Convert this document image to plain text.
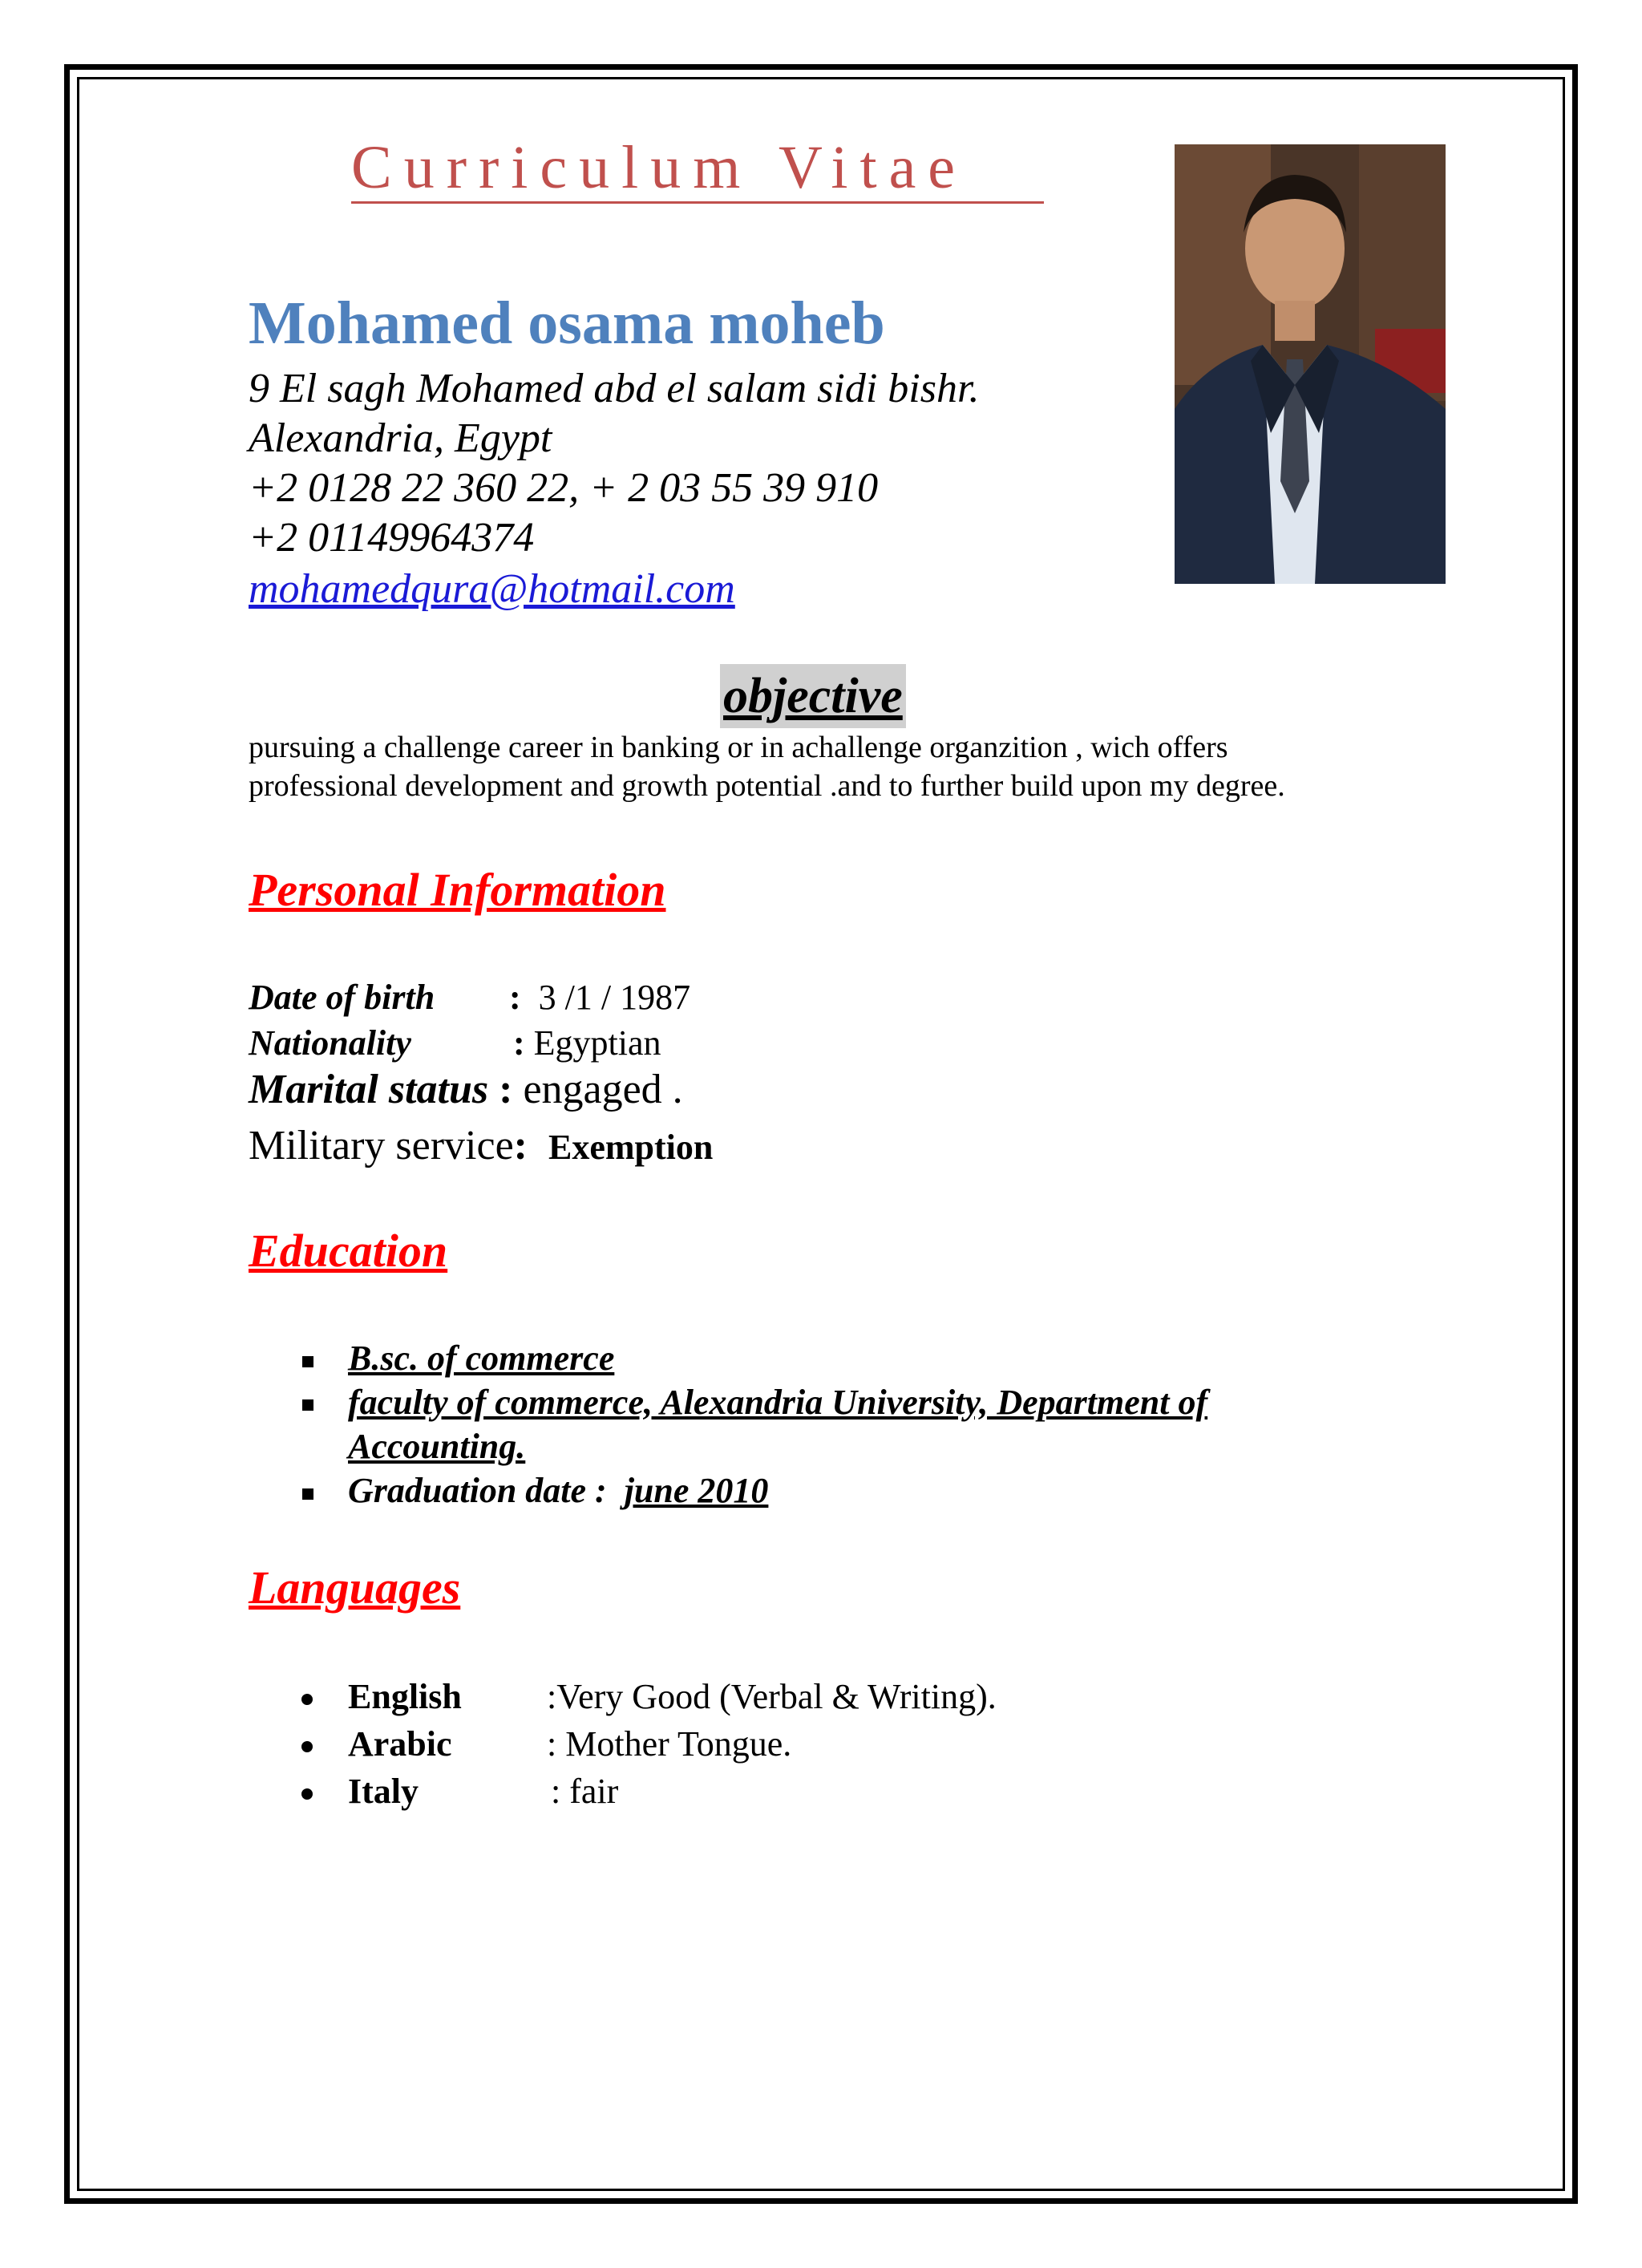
Curriculum Vitae
Mohamed osama moheb
9 El sagh Mohamed abd el salam sidi bishr.
Alexandria, Egypt
+2 0128 22 360 22, + 2 03 55 39 910
+2 01149964374
mohamedqura@hotmail.com
objective
pursuing a challenge career in banking or in achallenge organzition , wich offers
professional development and growth potential .and to further build upon my degree.
Personal Information
Date of birth : 3 /1 / 1987
Nationality	: Egyptian
Marital status : engaged .
Military service: Exemption
Education
B.sc. of commerce
faculty of commerce, Alexandria University, Department of
Accounting.
Graduation date : june 2010
Languages
English :Very Good (Verbal & Writing).
Arabic	: Mother Tongue.
Italy	: fair
